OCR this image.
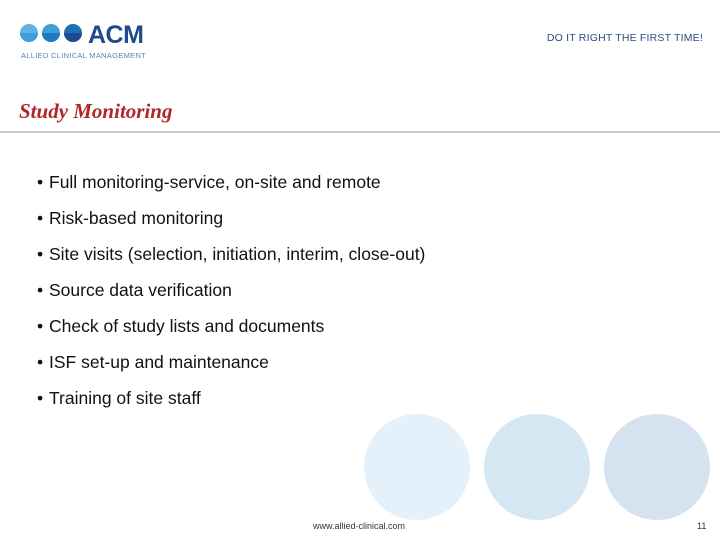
ACM
ALLIED CLINICAL MANAGEMENT
DO IT RIGHT THE FIRST TIME!
Study Monitoring
• Full monitoring-service, on-site and remote
• Risk-based monitoring
• Site visits (selection, initiation, interim, close-out)
• Source data verification
• Check of study lists and documents
• ISF set-up and maintenance
• Training of site staff
www.allied-clinical.com	11
